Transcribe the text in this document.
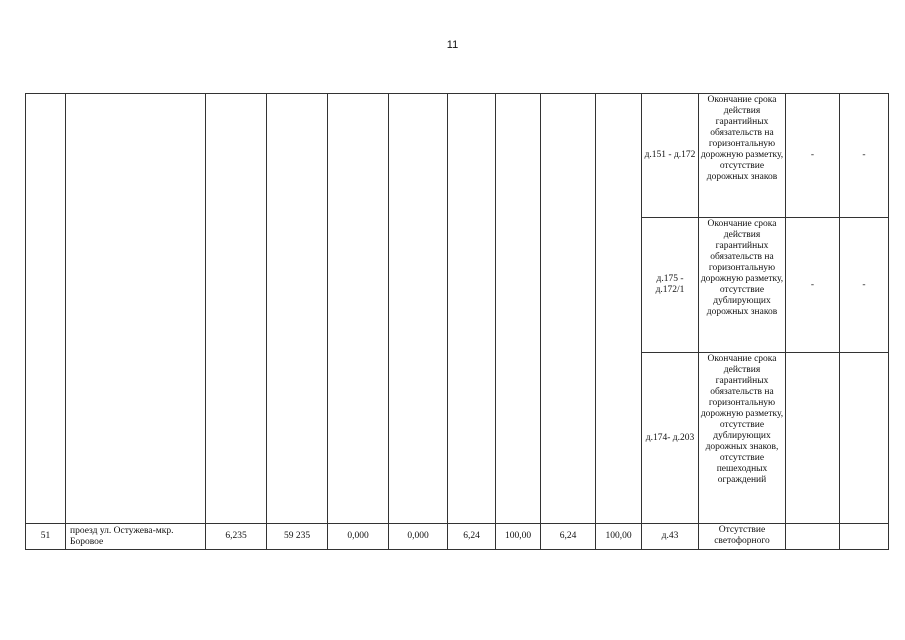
11
										д.151 - д.172	Окончание срока действия гарантийных обязательств на горизонтальную дорожную разметку, отсутствие дорожных знаков	-	-
										д.175 - д.172/1	Окончание срока действия гарантийных обязательств на горизонтальную дорожную разметку, отсутствие дублирующих дорожных знаков	-	-
										д.174- д.203	Окончание срока действия гарантийных обязательств на горизонтальную дорожную разметку, отсутствие дублирующих дорожных знаков, отсутствие пешеходных ограждений		
51	проезд ул. Остужева-мкр. Боровое	6,235	59 235	0,000	0,000	6,24	100,00	6,24	100,00	д.43	Отсутствие светофорного		
